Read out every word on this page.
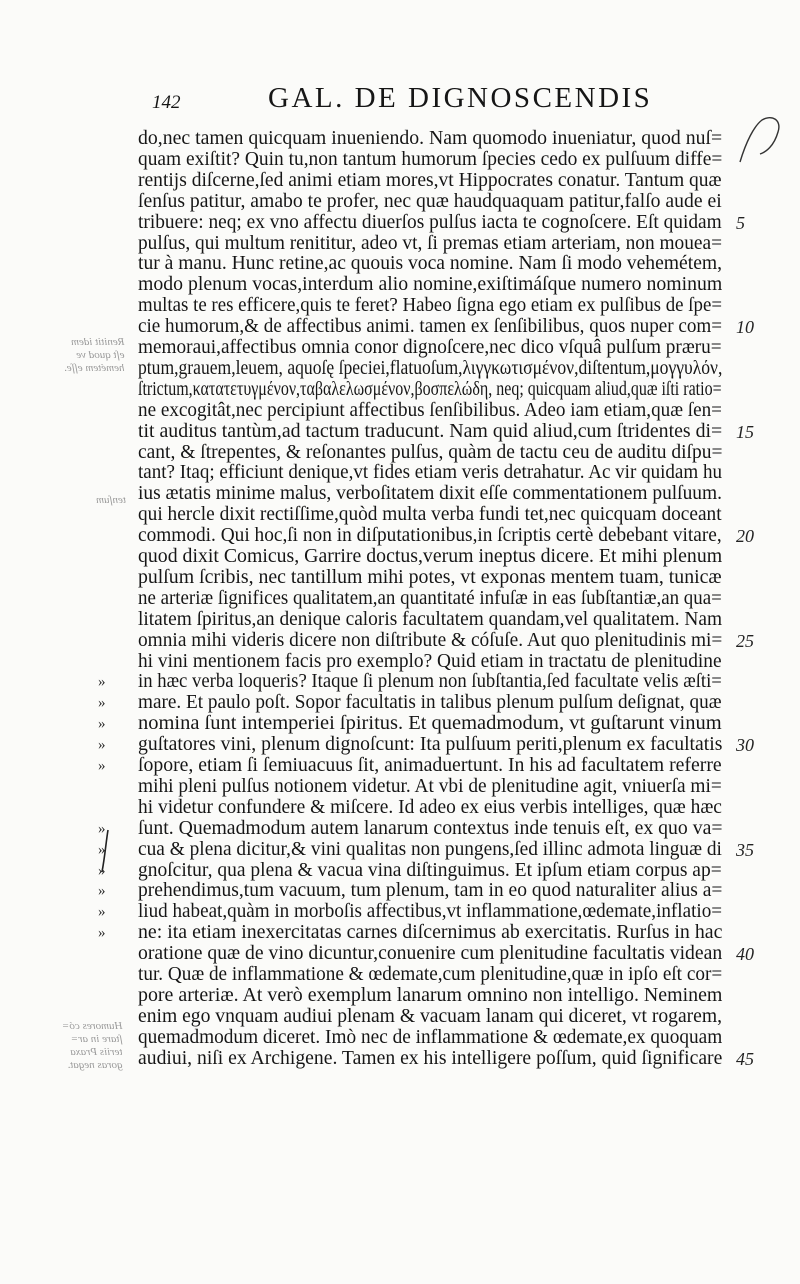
142	GAL. DE DIGNOSCENDIS
Renitit idem
eſt quod ve
hemétem eſſe.
tenſum
Humores có=
ſtare in ar=
teriis Praxa
goras negat.
do,nec tamen quicquam inueniendo. Nam quomodo inueniatur, quod nuſ=
quam exiſtit? Quin tu,non tantum humorum ſpecies cedo ex pulſuum diffe=
rentijs diſcerne,ſed animi etiam mores,vt Hippocrates conatur. Tantum quæ
ſenſus patitur, amabo te profer, nec quæ haudquaquam patitur,falſo aude ei
tribuere: neq; ex vno affectu diuerſos pulſus iacta te cognoſcere. Eſt quidam
pulſus, qui multum renititur, adeo vt, ſi premas etiam arteriam, non moueа=
tur à manu. Hunc retine,ac quouis voca nomine. Nam ſi modo vehemétem,
modo plenum vocas,interdum alio nomine,exiſtimáſque numero nominum
multas te res efficere,quis te feret? Habeo ſigna ego etiam ex pulſibus de ſpe=
cie humorum,& de affectibus animi. tamen ex ſenſibilibus, quos nuper com=
memoraui,affectibus omnia conor dignoſcere,nec dico vſquâ pulſum præru=
ptum,grauem,leuem, aquoſę ſpeciei,flatuoſum,λιγγκωτισμένον,diſtentum,μογγυλόν,
ſtrictum,κατατετυγμένον,ταβαλελωσμένον,βοσπελώδη, neq; quicquam aliud,quæ iſti ratio=
ne excogitât,nec percipiunt affectibus ſenſibilibus. Adeo iam etiam,quæ ſen=
tit auditus tantùm,ad tactum traducunt. Nam quid aliud,cum ſtridentes di=
cant, & ſtrepentes, & reſonantes pulſus, quàm de tactu ceu de auditu diſpu=
tant? Itaq; efficiunt denique,vt fides etiam veris detrahatur. Ac vir quidam hu
ius ætatis minime malus, verboſitatem dixit eſſe commentationem pulſuum.
qui hercle dixit rectiſſime,quòd multa verba fundi tet,nec quicquam doceant
commodi. Qui hoc,ſi non in diſputationibus,in ſcriptis certè debebant vitare,
quod dixit Comicus, Garrire doctus,verum ineptus dicere. Et mihi plenum
pulſum ſcribis, nec tantillum mihi potes, vt exponas mentem tuam, tunicæ
ne arteriæ ſignifices qualitatem,an quantitaté infuſæ in eas ſubſtantiæ,an qua=
litatem ſpiritus,an denique caloris facultatem quandam,vel qualitatem. Nam
omnia mihi videris dicere non diſtribute & cóſuſe. Aut quo plenitudinis mi=
hi vini mentionem facis pro exemplo? Quid etiam in tractatu de plenitudine
in hæc verba loqueris? Itaque ſi plenum non ſubſtantia,ſed facultate velis æſti=
mare. Et paulo poſt. Sopor facultatis in talibus plenum pulſum deſignat, quæ
nomina ſunt intemperiei ſpiritus. Et quemadmodum, vt guſtarunt vinum
guſtatores vini, plenum dignoſcunt: Ita pulſuum periti,plenum ex facultatis
ſopore, etiam ſi ſemiuacuus ſit, animaduertunt. In his ad facultatem referre
mihi pleni pulſus notionem videtur. At vbi de plenitudine agit, vniuerſa mi=
hi videtur confundere & miſcere. Id adeo ex eius verbis intelliges, quæ hæc
ſunt. Quemadmodum autem lanarum contextus inde tenuis eſt, ex quo va=
cua & plena dicitur,& vini qualitas non pungens,ſed illinc admota linguæ di
gnoſcitur, qua plena & vacua vina diſtinguimus. Et ipſum etiam corpus ap=
prehendimus,tum vacuum, tum plenum, tam in eo quod naturaliter alius a=
liud habeat,quàm in morboſis affectibus,vt inflammatione,œdemate,inflatio=
ne: ita etiam inexercitatas carnes diſcernimus ab exercitatis. Rurſus in hac
oratione quæ de vino dicuntur,conuenire cum plenitudine facultatis videan
tur. Quæ de inflammatione & œdemate,cum plenitudine,quæ in ipſo eſt cor=
pore arteriæ. At verò exemplum lanarum omnino non intelligo. Neminem
enim ego vnquam audiui plenam & vacuam lanam qui diceret, vt rogarem,
quemadmodum diceret. Imò nec de inflammatione & œdemate,ex quoquam
audiui, niſi ex Archigene. Tamen ex his intelligere poſſum, quid ſignificare
»
»
»
»
»
»
»
»
»
»
»
5
10
15
20
25
30
35
40
45
